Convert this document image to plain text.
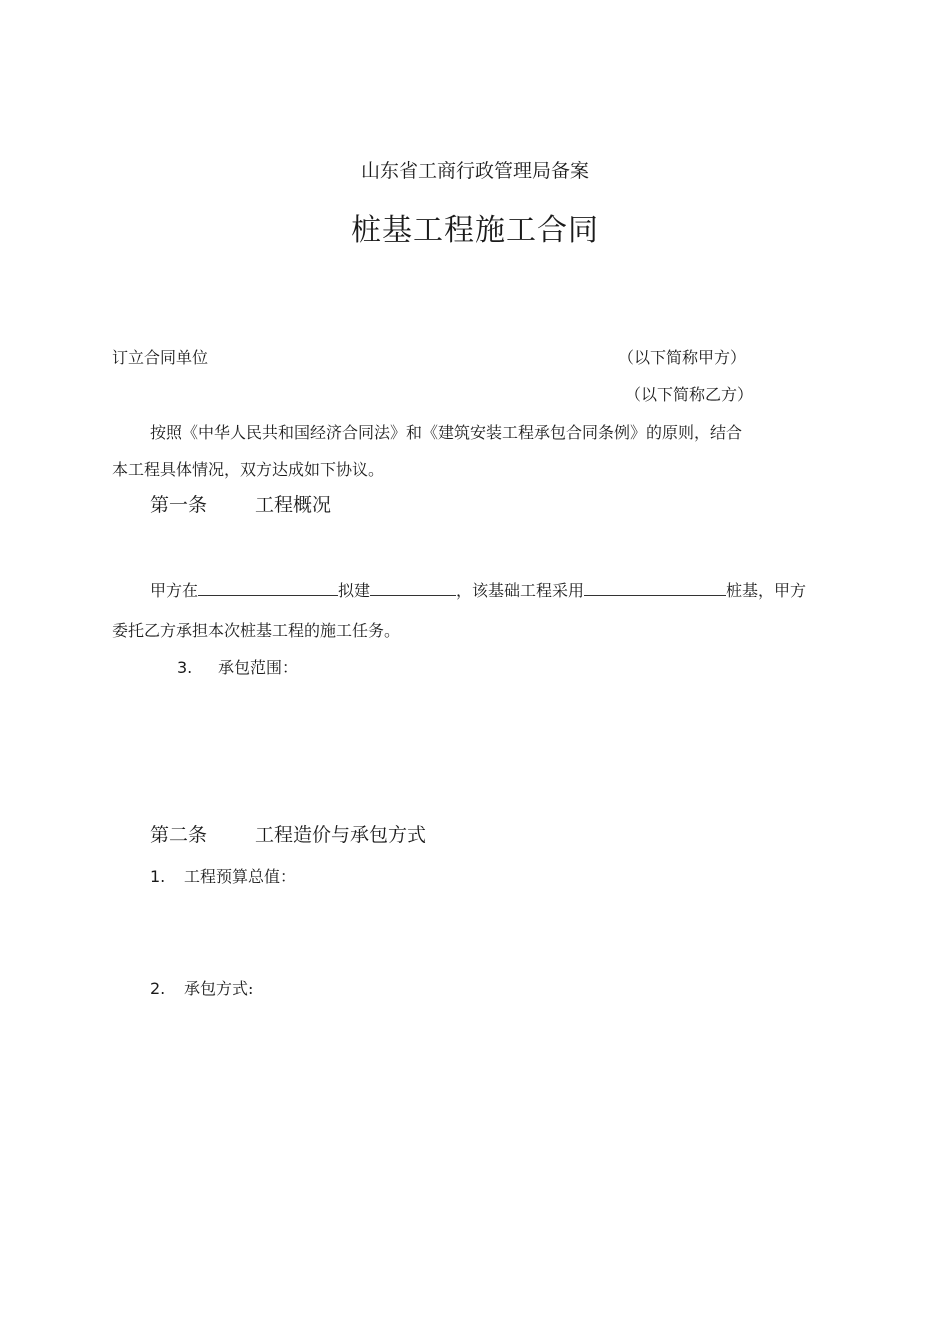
山东省工商行政管理局备案
桩基工程施工合同
订立合同单位	（以下简称甲方）
（以下简称乙方）
按照《中华人民共和国经济合同法》和《建筑安装工程承包合同条例》的原则，结合
本工程具体情况，双方达成如下协议。
第一条	工程概况
甲方在	拟建	，该基础工程采用	桩基，甲方
委托乙方承担本次桩基工程的施工任务。
3. 承包范围：
第二条	工程造价与承包方式
1. 工程预算总值：
2. 承包方式:
